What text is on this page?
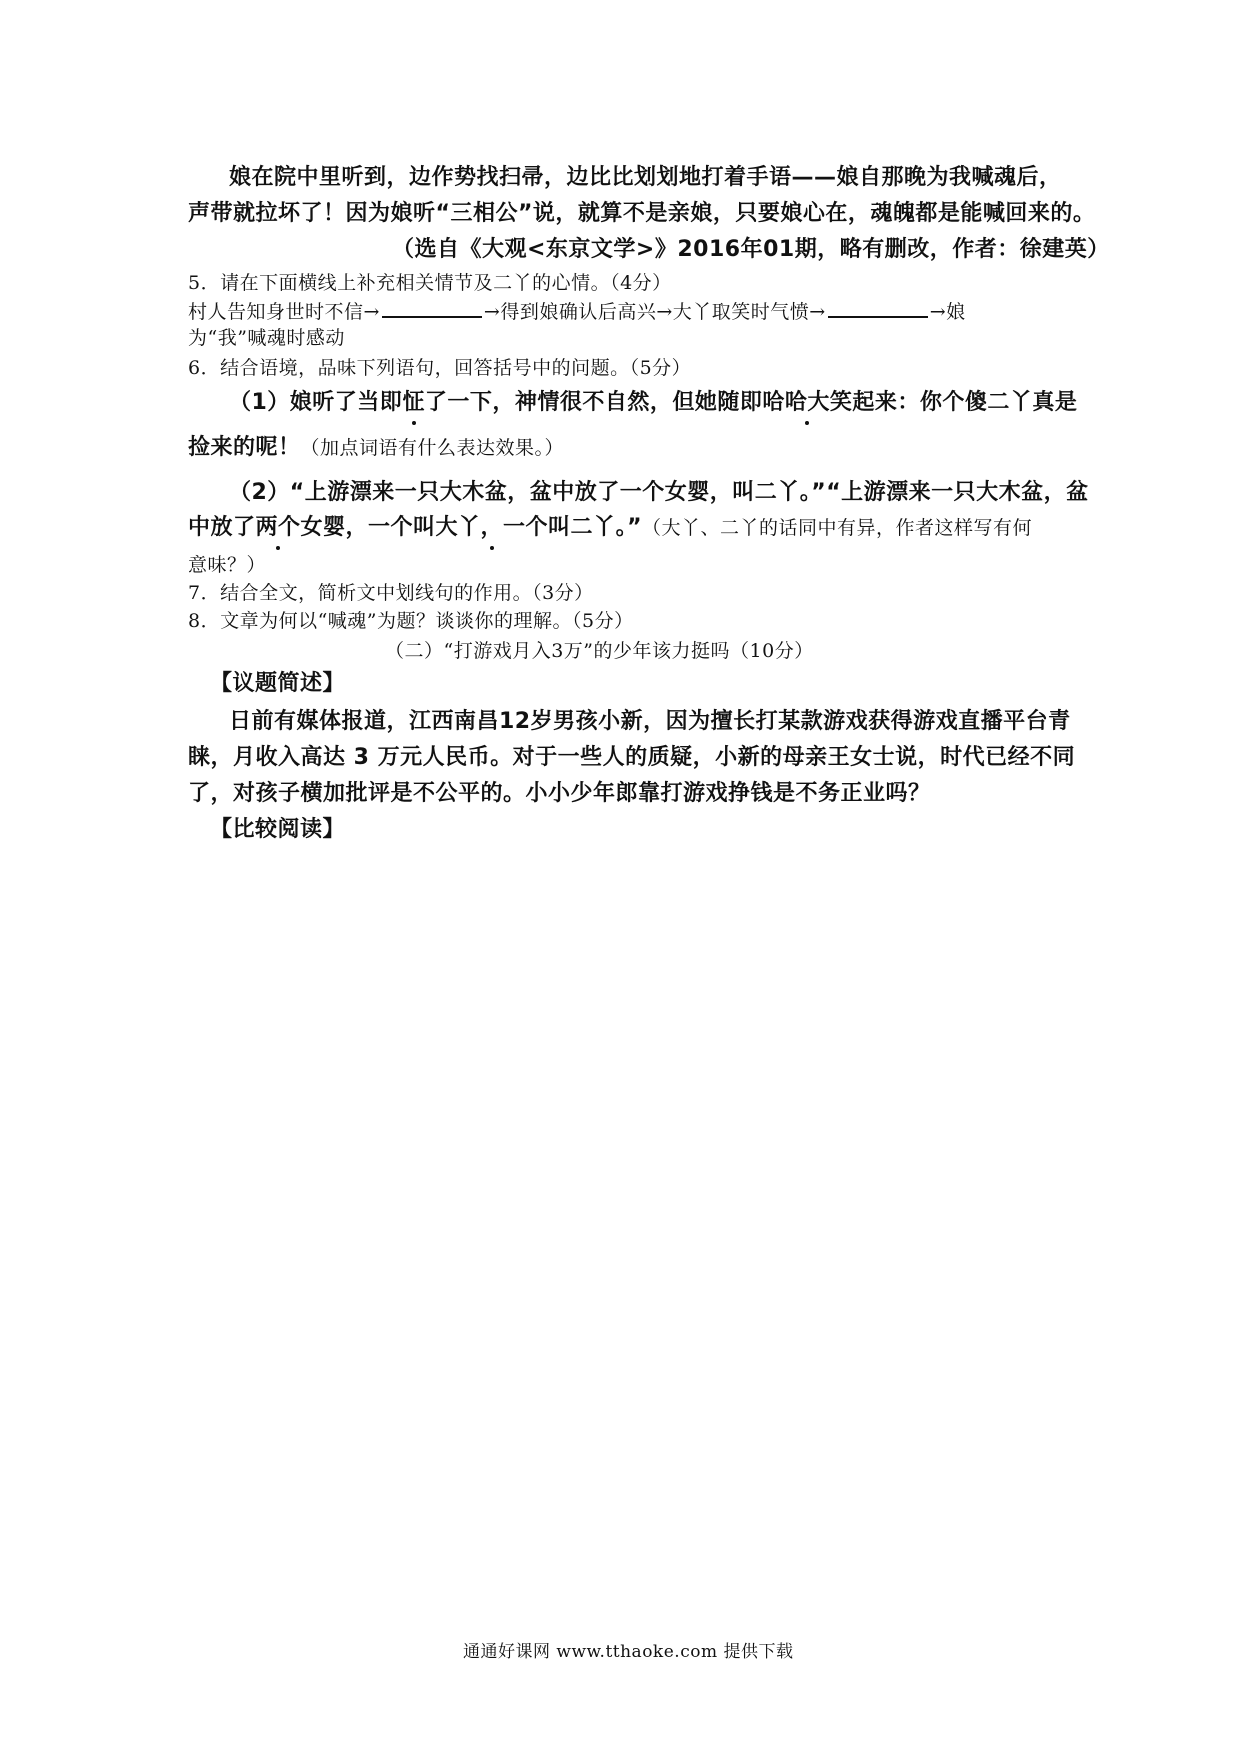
娘在院中里听到，边作势找扫帚，边比比划划地打着手语——娘自那晚为我喊魂后，
声带就拉坏了！因为娘听“三相公”说，就算不是亲娘，只要娘心在，魂魄都是能喊回来的。
（选自《大观<东京文学>》2016年01期，略有删改，作者：徐建英）
5．请在下面横线上补充相关情节及二丫的心情。（4分）
村人告知身世时不信→	→得到娘确认后高兴→大丫取笑时气愤→	→娘
为“我”喊魂时感动
6．结合语境，品味下列语句，回答括号中的问题。（5分）
（1）娘听了当即怔了一下，神情很不自然，但她随即哈哈大笑起来：你个傻二丫真是
捡来的呢！（加点词语有什么表达效果。）
（2）“上游漂来一只大木盆，盆中放了一个女婴，叫二丫。”“上游漂来一只大木盆，盆
中放了两个女婴，一个叫大丫，一个叫二丫。”（大丫、二丫的话同中有异，作者这样写有何
意味？）
7．结合全文，简析文中划线句的作用。（3分）
8．文章为何以“喊魂”为题？谈谈你的理解。（5分）
（二）“打游戏月入3万”的少年该力挺吗（10分）
【议题简述】
日前有媒体报道，江西南昌12岁男孩小新，因为擅长打某款游戏获得游戏直播平台青
睐，月收入高达 3 万元人民币。对于一些人的质疑，小新的母亲王女士说，时代已经不同
了，对孩子横加批评是不公平的。小小少年郎靠打游戏挣钱是不务正业吗？
【比较阅读】
通通好课网 www.tthaoke.com 提供下载
